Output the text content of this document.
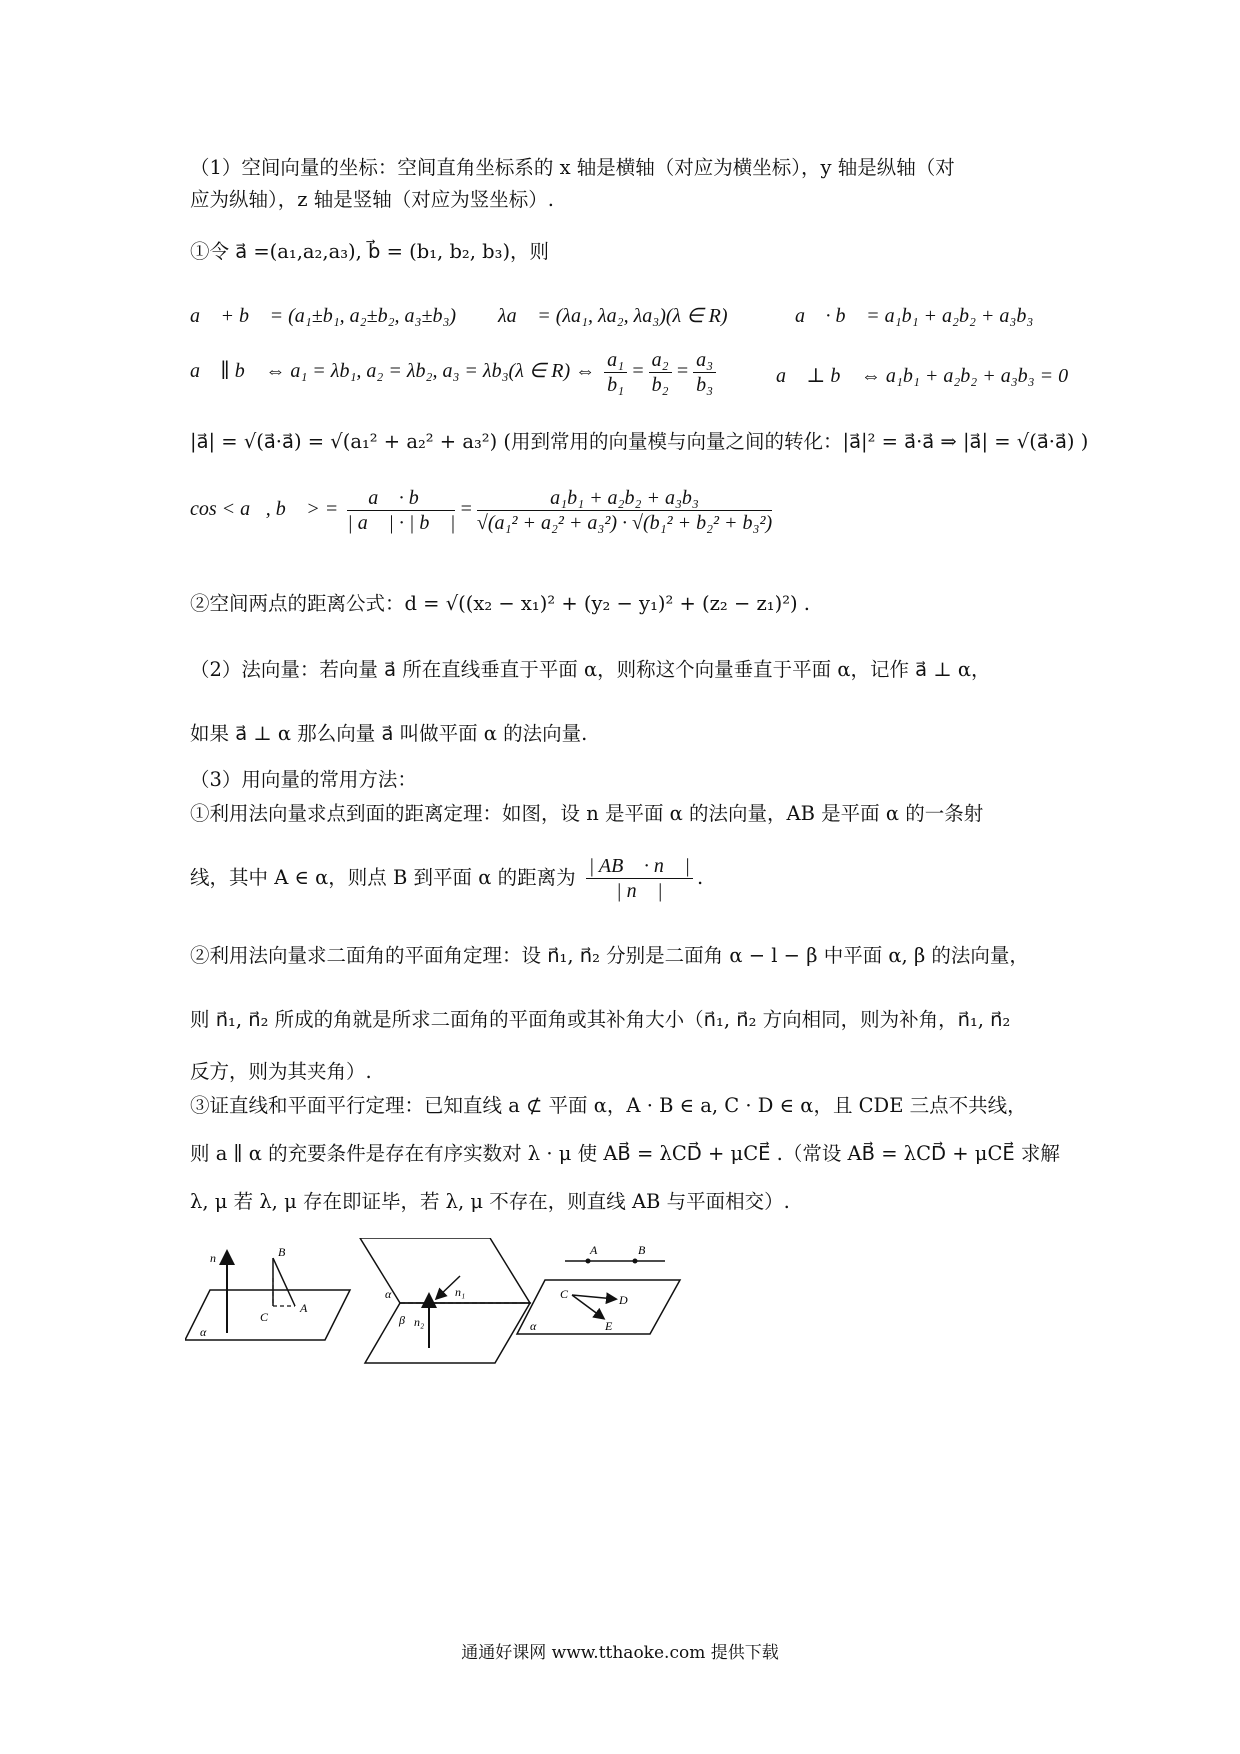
（1）空间向量的坐标：空间直角坐标系的 x 轴是横轴（对应为横坐标），y 轴是纵轴（对
应为纵轴），z 轴是竖轴（对应为竖坐标）.
①令 a⃗ =(a₁,a₂,a₃), b⃗ = (b₁, b₂, b₃)，则
a⃗ + b⃗ = (a₁±b₁, a₂±b₂, a₃±b₃) λa⃗ = (λa₁, λa₂, λa₃)(λ ∈ R)	a⃗ · b⃗ = a₁b₁ + a₂b₂ + a₃b₃
a⃗ ∥ b⃗ ⇔ a₁ = λb₁, a₂ = λb₂, a₃ = λb₃(λ ∈ R) ⇔ $\frac{\text{a₁}}{\text{b₁}} = \frac{\text{a₂}}{\text{b₂}} = \frac{\text{a₃}}{\text{b₃}}$	a⃗ ⊥ b⃗ ⇔ a₁b₁ + a₂b₂ + a₃b₃ = 0
|a⃗| = √(a⃗·a⃗) = √(a₁² + a₂² + a₃²) (用到常用的向量模与向量之间的转化：|a⃗|² = a⃗·a⃗ ⇒ |a⃗| = √(a⃗·a⃗) )
cos < a⃗, b⃗ > = $\frac{a⃗ \cdot b⃗}{| a⃗ | \cdot | b⃗ |} = \frac{\text{a₁b₁ + a₂b₂ + a₃b₃}}{\text{√(a₁² + a₂² + a₃²) · √(b₁² + b₂² + b₃²)}}$
②空间两点的距离公式：d = √((x₂ − x₁)² + (y₂ − y₁)² + (z₂ − z₁)²) .
（2）法向量：若向量 a⃗ 所在直线垂直于平面 α，则称这个向量垂直于平面 α，记作 a⃗ ⊥ α，
如果 a⃗ ⊥ α 那么向量 a⃗ 叫做平面 α 的法向量.
（3）用向量的常用方法：
①利用法向量求点到面的距离定理：如图，设 n 是平面 α 的法向量，AB 是平面 α 的一条射
线，其中 A ∈ α，则点 B 到平面 α 的距离为 $\frac{| AB⃗ \cdot n⃗ |}{| n⃗ |}$ .
②利用法向量求二面角的平面角定理：设 n⃗₁, n⃗₂ 分别是二面角 α − l − β 中平面 α, β 的法向量，
则 n⃗₁, n⃗₂ 所成的角就是所求二面角的平面角或其补角大小（n⃗₁, n⃗₂ 方向相同，则为补角，n⃗₁, n⃗₂
反方，则为其夹角）.
③证直线和平面平行定理：已知直线 a ⊄ 平面 α，A · B ∈ a, C · D ∈ α，且 CDE 三点不共线，
则 a ∥ α 的充要条件是存在有序实数对 λ · μ 使 AB⃗ = λCD⃗ + μCE⃗ .（常设 AB⃗ = λCD⃗ + μCE⃗ 求解
λ, μ 若 λ, μ 存在即证毕，若 λ, μ 不存在，则直线 AB 与平面相交）.
n⃗	B
C
A
α
α
β
n₁
n₂
A	B
C	D
E
α
通通好课网 www.tthaoke.com 提供下载
